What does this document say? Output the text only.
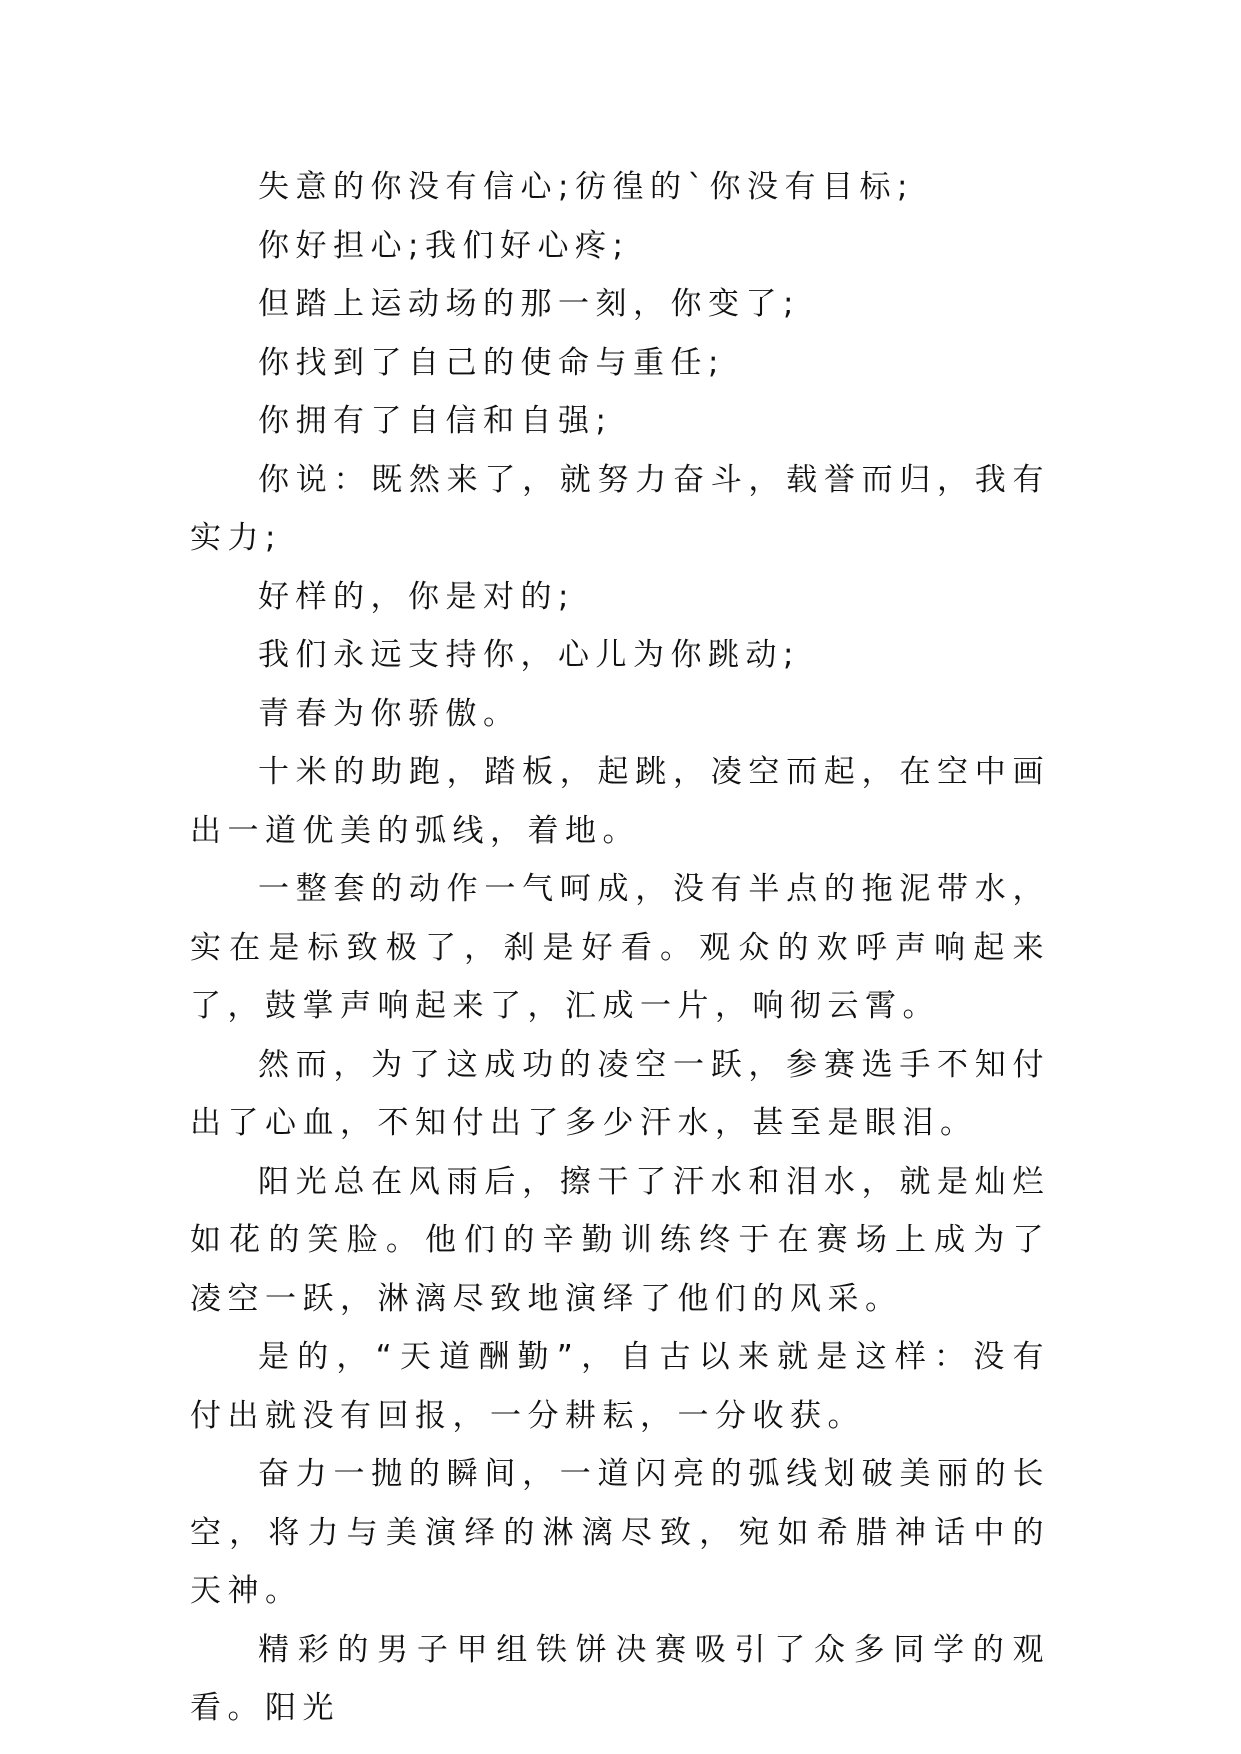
失意的你没有信心;彷徨的`你没有目标;

你好担心;我们好心疼;

但踏上运动场的那一刻，你变了;

你找到了自己的使命与重任;

你拥有了自信和自强;

你说：既然来了，就努力奋斗，载誉而归，我有实力;

好样的，你是对的;

我们永远支持你，心儿为你跳动;

青春为你骄傲。

十米的助跑，踏板，起跳，凌空而起，在空中画出一道优美的弧线，着地。

一整套的动作一气呵成，没有半点的拖泥带水，实在是标致极了，刹是好看。观众的欢呼声响起来了，鼓掌声响起来了，汇成一片，响彻云霄。

然而，为了这成功的凌空一跃，参赛选手不知付出了心血，不知付出了多少汗水，甚至是眼泪。

阳光总在风雨后，擦干了汗水和泪水，就是灿烂如花的笑脸。他们的辛勤训练终于在赛场上成为了凌空一跃，淋漓尽致地演绎了他们的风采。

是的，“天道酬勤”，自古以来就是这样：没有付出就没有回报，一分耕耘，一分收获。

奋力一抛的瞬间，一道闪亮的弧线划破美丽的长空，将力与美演绎的淋漓尽致，宛如希腊神话中的天神。

精彩的男子甲组铁饼决赛吸引了众多同学的观看。阳光
